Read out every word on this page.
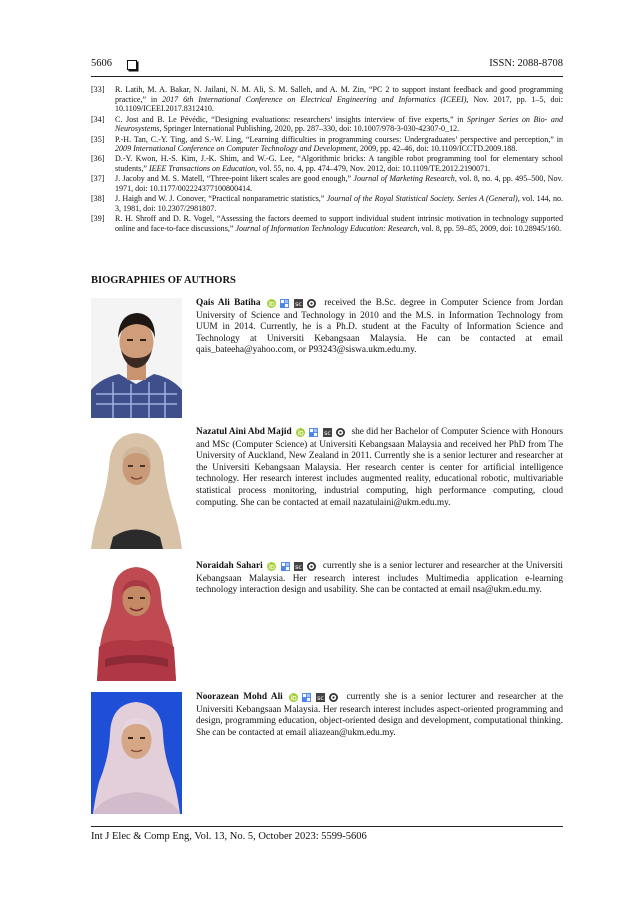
5606	ISSN: 2088-8708
[33] R. Latih, M. A. Bakar, N. Jailani, N. M. Ali, S. M. Salleh, and A. M. Zin, “PC 2 to support instant feedback and good programming practice,” in 2017 6th International Conference on Electrical Engineering and Informatics (ICEEI), Nov. 2017, pp. 1–5, doi: 10.1109/ICEEI.2017.8312410.
[34] C. Jost and B. Le Pévédic, “Designing evaluations: researchers’ insights interview of five experts,” in Springer Series on Bio- and Neurosystems, Springer International Publishing, 2020, pp. 287–330, doi: 10.1007/978-3-030-42307-0_12.
[35] P.-H. Tan, C.-Y. Ting, and S.-W. Ling, “Learning difficulties in programming courses: Undergraduates’ perspective and perception,” in 2009 International Conference on Computer Technology and Development, 2009, pp. 42–46, doi: 10.1109/ICCTD.2009.188.
[36] D.-Y. Kwon, H.-S. Kim, J.-K. Shim, and W.-G. Lee, “Algorithmic bricks: A tangible robot programming tool for elementary school students,” IEEE Transactions on Education, vol. 55, no. 4, pp. 474–479, Nov. 2012, doi: 10.1109/TE.2012.2190071.
[37] J. Jacoby and M. S. Matell, “Three-point likert scales are good enough,” Journal of Marketing Research, vol. 8, no. 4, pp. 495–500, Nov. 1971, doi: 10.1177/002224377100800414.
[38] J. Haigh and W. J. Conover, “Practical nonparametric statistics,” Journal of the Royal Statistical Society. Series A (General), vol. 144, no. 3, 1981, doi: 10.2307/2981807.
[39] R. H. Shroff and D. R. Vogel, “Assessing the factors deemed to support individual student intrinsic motivation in technology supported online and face-to-face discussions,” Journal of Information Technology Education: Research, vol. 8, pp. 59–85, 2009, doi: 10.28945/160.
BIOGRAPHIES OF AUTHORS
Qais Ali Batiha

	sc
received the B.Sc. degree in Computer Science from Jordan University of Science and Technology in 2010 and the M.S. in Information Technology from UUM in 2014. Currently, he is a Ph.D. student at the Faculty of Information Science and Technology at Universiti Kebangsaan Malaysia. He can be contacted at email qais_bateeha@yahoo.com, or P93243@siswa.ukm.edu.my.
Nazatul Aini Abd Majid

	sc
she did her Bachelor of Computer Science with Honours and MSc (Computer Science) at Universiti Kebangsaan Malaysia and received her PhD from The University of Auckland, New Zealand in 2011. Currently she is a senior lecturer and researcher at the Universiti Kebangsaan Malaysia. Her research center is center for artificial intelligence technology. Her research interest includes augmented reality, educational robotic, multivariable statistical process monitoring, industrial computing, high performance computing, cloud computing. She can be contacted at email nazatulaini@ukm.edu.my.
Noraidah Sahari

	sc
currently she is a senior lecturer and researcher at the Universiti Kebangsaan Malaysia. Her research interest includes Multimedia application e-learning technology interaction design and usability. She can be contacted at email nsa@ukm.edu.my.
Noorazean Mohd Ali

	sc
currently she is a senior lecturer and researcher at the Universiti Kebangsaan Malaysia. Her research interest includes aspect-oriented programming and design, programming education, object-oriented design and development, computational thinking. She can be contacted at email aliazean@ukm.edu.my.
Int J Elec & Comp Eng, Vol. 13, No. 5, October 2023: 5599-5606
